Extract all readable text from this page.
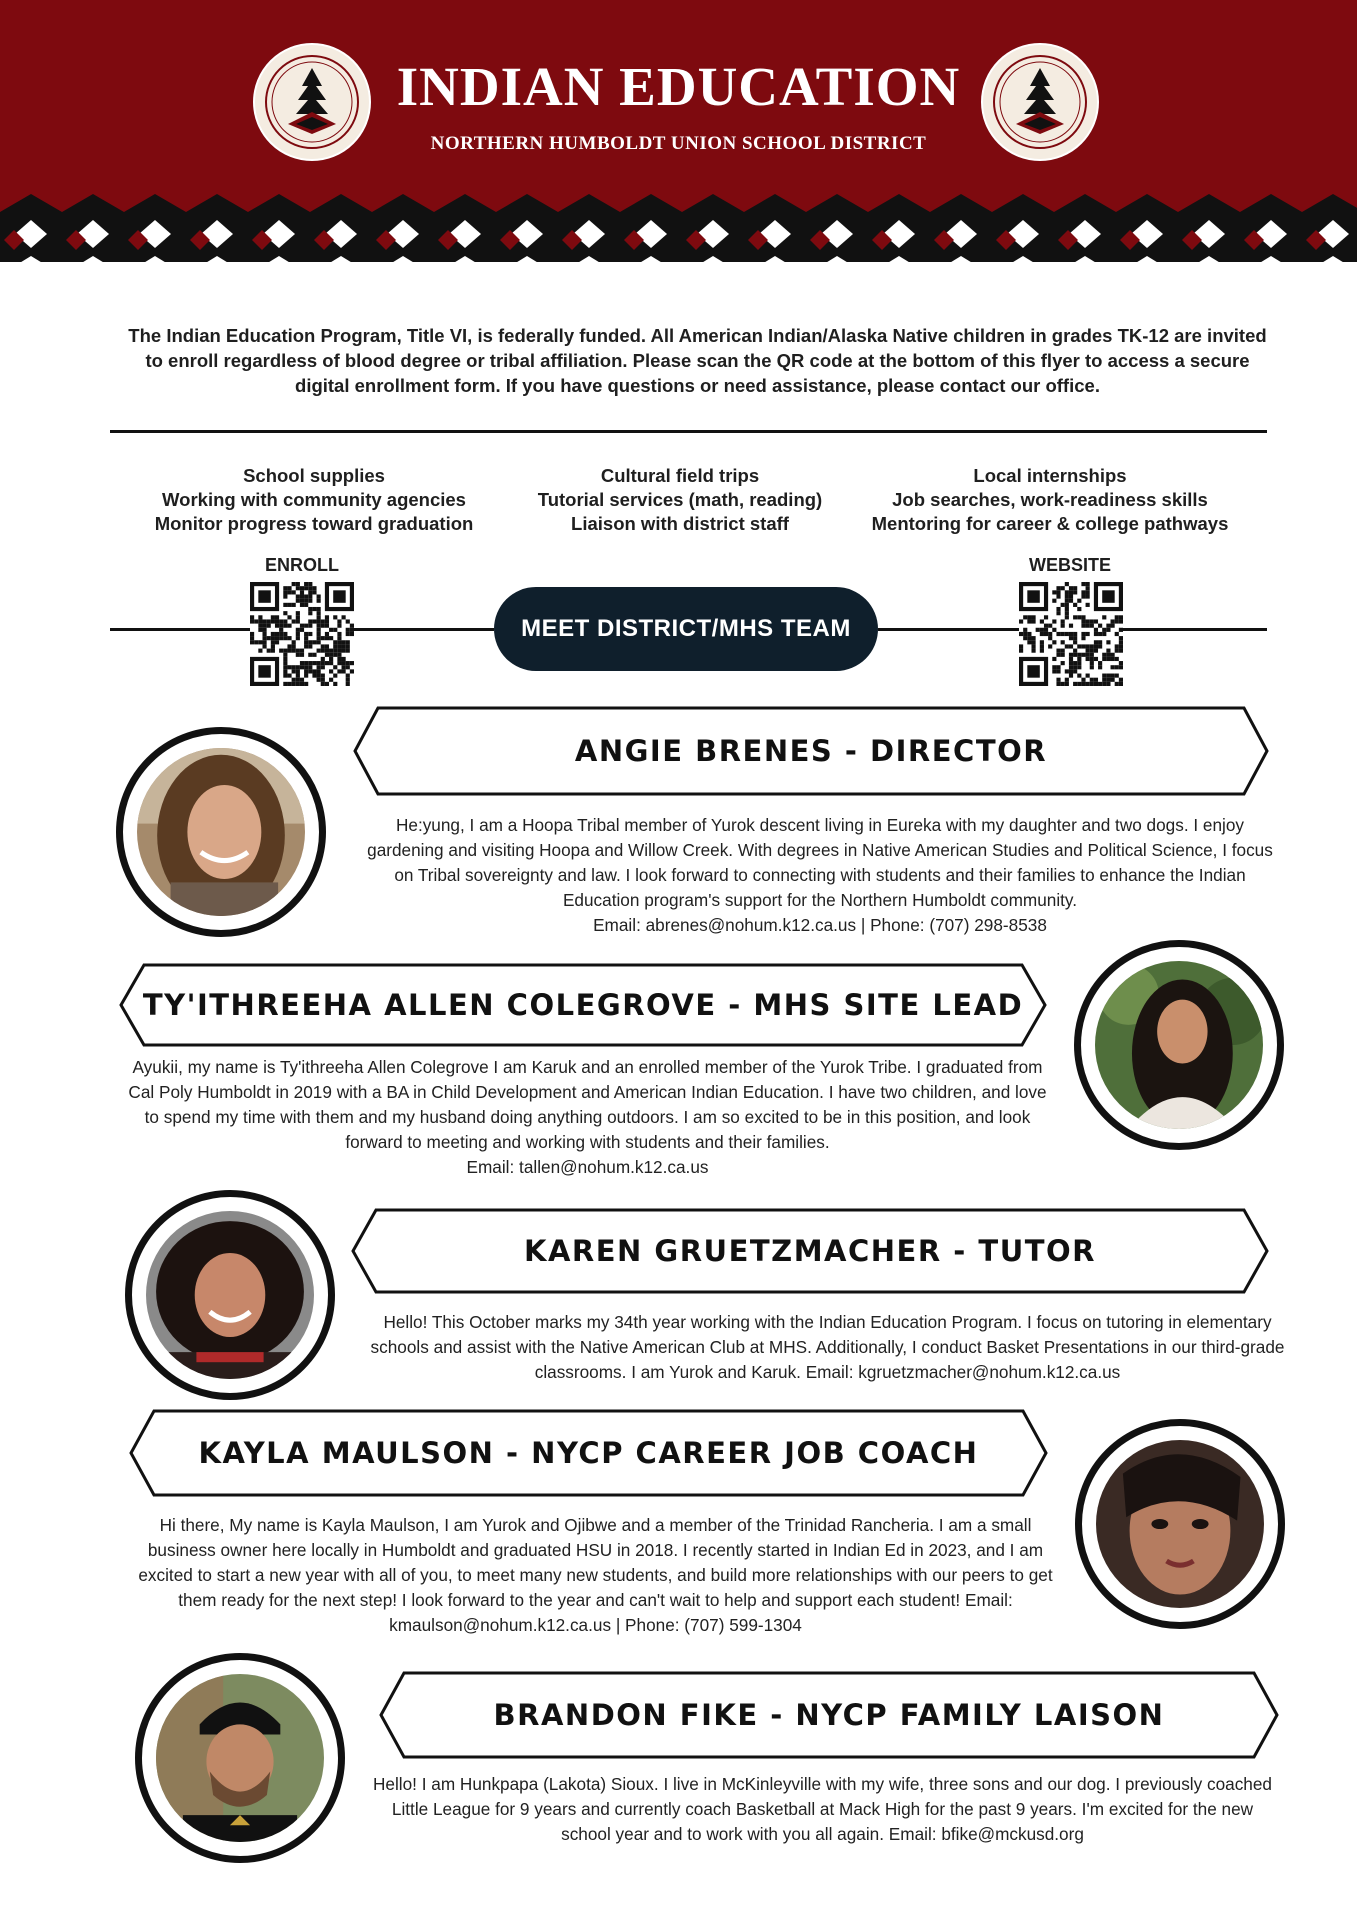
INDIAN EDUCATION
NORTHERN HUMBOLDT UNION SCHOOL DISTRICT
The Indian Education Program, Title VI, is federally funded. All American Indian/Alaska Native children in grades TK-12 are invited to enroll regardless of blood degree or tribal affiliation. Please scan the QR code at the bottom of this flyer to access a secure digital enrollment form. If you have questions or need assistance, please contact our office.
School supplies
Working with community agencies
Monitor progress toward graduation
Cultural field trips
Tutorial services (math, reading)
Liaison with district staff
Local internships
Job searches, work-readiness skills
Mentoring for career & college pathways
ENROLL	WEBSITE
MEET DISTRICT/MHS TEAM
ANGIE BRENES - DIRECTOR
He:yung, I am a Hoopa Tribal member of Yurok descent living in Eureka with my daughter and two dogs. I enjoy gardening and visiting Hoopa and Willow Creek. With degrees in Native American Studies and Political Science, I focus on Tribal sovereignty and law. I look forward to connecting with students and their families to enhance the Indian Education program's support for the Northern Humboldt community.
Email: abrenes@nohum.k12.ca.us | Phone: (707) 298-8538
TY'ITHREEHA ALLEN COLEGROVE - MHS SITE LEAD
Ayukii, my name is Ty'ithreeha Allen Colegrove I am Karuk and an enrolled member of the Yurok Tribe. I graduated from Cal Poly Humboldt in 2019 with a BA in Child Development and American Indian Education. I have two children, and love to spend my time with them and my husband doing anything outdoors. I am so excited to be in this position, and look forward to meeting and working with students and their families.
Email: tallen@nohum.k12.ca.us
KAREN GRUETZMACHER - TUTOR
Hello! This October marks my 34th year working with the Indian Education Program. I focus on tutoring in elementary schools and assist with the Native American Club at MHS. Additionally, I conduct Basket Presentations in our third-grade classrooms. I am Yurok and Karuk. Email: kgruetzmacher@nohum.k12.ca.us
KAYLA MAULSON - NYCP CAREER JOB COACH
Hi there, My name is Kayla Maulson, I am Yurok and Ojibwe and a member of the Trinidad Rancheria. I am a small business owner here locally in Humboldt and graduated HSU in 2018. I recently started in Indian Ed in 2023, and I am excited to start a new year with all of you, to meet many new students, and build more relationships with our peers to get them ready for the next step! I look forward to the year and can't wait to help and support each student! Email: kmaulson@nohum.k12.ca.us | Phone: (707) 599-1304
BRANDON FIKE - NYCP FAMILY LAISON
Hello! I am Hunkpapa (Lakota) Sioux. I live in McKinleyville with my wife, three sons and our dog. I previously coached Little League for 9 years and currently coach Basketball at Mack High for the past 9 years. I'm excited for the new school year and to work with you all again. Email: bfike@mckusd.org
